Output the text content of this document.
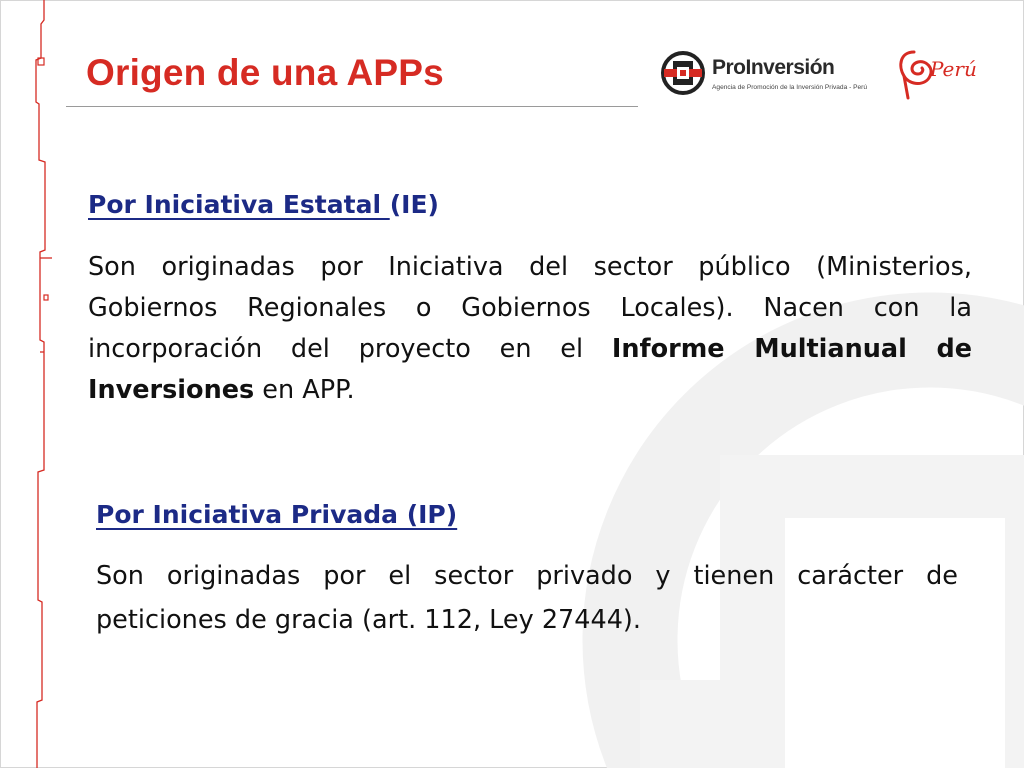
Origen de una APPs	ProInversión
Agencia de Promoción de la Inversión Privada - Perú
Perú
Por Iniciativa Estatal (IE)

Son originadas por Iniciativa del sector público (Ministerios, Gobiernos Regionales o Gobiernos Locales). Nacen con la incorporación del proyecto en el Informe Multianual de Inversiones en APP.

Por Iniciativa Privada (IP)

Son originadas por el sector privado y tienen carácter de peticiones de gracia (art. 112, Ley 27444).
